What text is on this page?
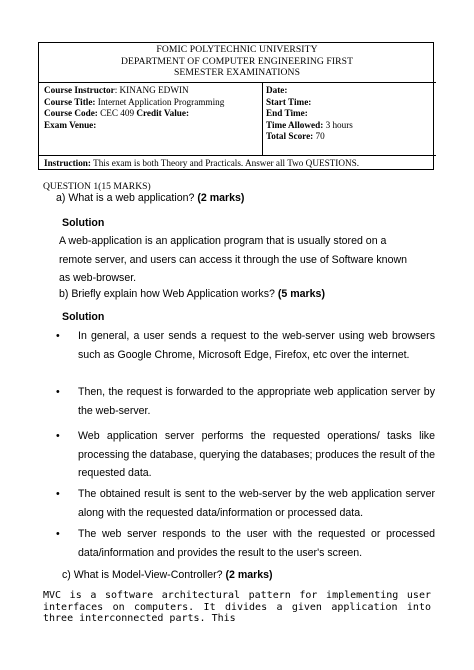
FOMIC POLYTECHNIC UNIVERSITY
DEPARTMENT OF COMPUTER ENGINEERING FIRST
SEMESTER EXAMINATIONS
Course Instructor: KINANG EDWIN
Course Title: Internet Application Programming
Course Code: CEC 409 Credit Value:
Exam Venue:
Date:
Start Time:
End Time:
Time Allowed: 3 hours
Total Score: 70
Instruction: This exam is both Theory and Practicals. Answer all Two QUESTIONS.
QUESTION 1(15 MARKS)
a) What is a web application? (2 marks)
Solution
A web-application is an application program that is usually stored on a
remote server, and users can access it through the use of Software known
as web-browser.
b) Briefly explain how Web Application works? (5 marks)
Solution
• In general, a user sends a request to the web-server using web browsers such as Google Chrome, Microsoft Edge, Firefox, etc over the internet.
• Then, the request is forwarded to the appropriate web application server by the web-server.
• Web application server performs the requested operations/ tasks like processing the database, querying the databases; produces the result of the requested data.
• The obtained result is sent to the web-server by the web application server along with the requested data/information or processed data.
• The web server responds to the user with the requested or processed data/information and provides the result to the user's screen.
c) What is Model-View-Controller? (2 marks)
MVC is a software architectural pattern for implementing user interfaces on computers. It divides a given application into three interconnected parts. This
